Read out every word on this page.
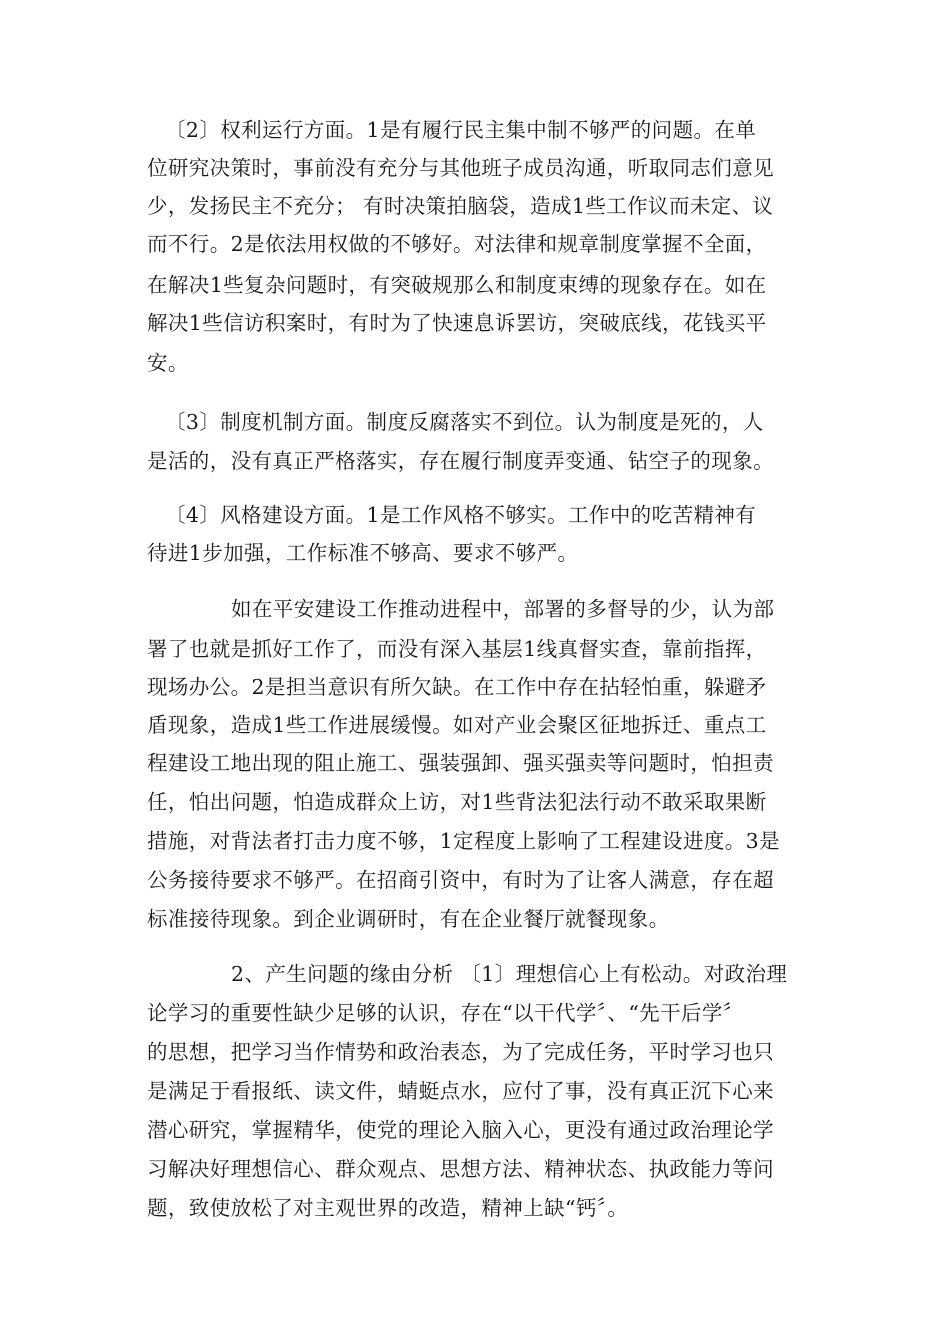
〔2〕权利运行方面。1是有履行民主集中制不够严的问题。在单

位研究决策时，事前没有充分与其他班子成员沟通，听取同志们意见

少，发扬民主不充分； 有时决策拍脑袋，造成1些工作议而未定、议

而不行。2是依法用权做的不够好。对法律和规章制度掌握不全面，

在解决1些复杂问题时，有突破规那么和制度束缚的现象存在。如在

解决1些信访积案时，有时为了快速息诉罢访，突破底线，花钱买平

安。

〔3〕制度机制方面。制度反腐落实不到位。认为制度是死的，人

是活的，没有真正严格落实，存在履行制度弄变通、钻空子的现象。

〔4〕风格建设方面。1是工作风格不够实。工作中的吃苦精神有

待进1步加强，工作标准不够高、要求不够严。

如在平安建设工作推动进程中，部署的多督导的少，认为部

署了也就是抓好工作了，而没有深入基层1线真督实查，靠前指挥，

现场办公。2是担当意识有所欠缺。在工作中存在拈轻怕重，躲避矛

盾现象，造成1些工作进展缓慢。如对产业会聚区征地拆迁、重点工

程建设工地出现的阻止施工、强装强卸、强买强卖等问题时，怕担责

任，怕出问题，怕造成群众上访，对1些背法犯法行动不敢采取果断

措施，对背法者打击力度不够，1定程度上影响了工程建设进度。3是

公务接待要求不够严。在招商引资中，有时为了让客人满意，存在超

标准接待现象。到企业调研时，有在企业餐厅就餐现象。

2、产生问题的缘由分析 〔1〕理想信心上有松动。对政治理

论学习的重要性缺少足够的认识，存在“以干代学〞、“先干后学〞

的思想，把学习当作情势和政治表态，为了完成任务，平时学习也只

是满足于看报纸、读文件，蜻蜓点水，应付了事，没有真正沉下心来

潜心研究，掌握精华，使党的理论入脑入心，更没有通过政治理论学

习解决好理想信心、群众观点、思想方法、精神状态、执政能力等问

题，致使放松了对主观世界的改造，精神上缺“钙〞。
